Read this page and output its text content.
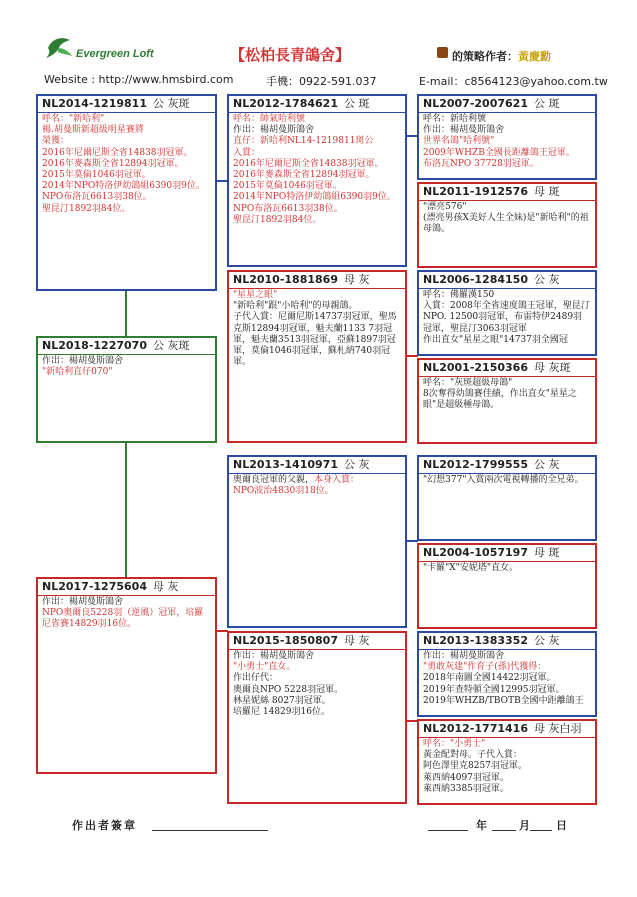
Evergreen Loft	【松柏長青鴿舍】	的策略作者：黃慶勳
Website : http://www.hmsbird.com	手機：0922-591.037	E-mail：c8564123@yahoo.com.tw
NL2014-1219811 公 灰斑
呼名："新哈利"
楊.胡曼斯新超級明星賽將
榮獲：
2016年尼爾尼斯全省14838羽冠軍。
2016年麥森斯全省12894羽冠軍。
2015年莫倫1046羽冠軍。
2014年NPO特洛伊幼鴿組6390羽9位。
NPO布洛瓦6613羽38位。
聖昆汀1892羽84位。
NL2018-1227070 公 灰斑
作出：楊胡曼斯鴿舍
"新哈利直仔070"
NL2017-1275604 母 灰
作出：楊胡曼斯鴿舍
NPO奧爾良5228羽（逆風）冠軍，培羅尼省賽14829羽16位。
NL2012-1784621 公 斑
呼名：帥氣哈利號
作出：楊胡曼斯鴿舍
直仔：新哈利NL14-1219811斑公
入賞：
2016年尼爾尼斯全省14838羽冠軍。
2016年麥森斯全省12894羽冠軍。
2015年莫倫1046羽冠軍。
2014年NPO特洛伊幼鴿組6390羽9位。
NPO布洛瓦6613羽38位。
聖昆汀1892羽84位。
NL2010-1881869 母 灰
"星星之眼"
"新哈利"跟"小哈利"的母親鴿。
子代入賞：尼爾尼斯14737羽冠軍，聖馬克斯12894羽冠軍，魁夫蘭1133 7羽冠軍，魁夫蘭3513羽冠軍，亞蘇1897羽冠軍，莫倫1046羽冠軍，蘇札納740羽冠軍。
NL2013-1410971 公 灰
奧爾良冠軍的父親，本身入賞：
NPO波治4830羽18位。
NL2015-1850807 母 灰
作出：楊胡曼斯鴿舍
"小勇士"直女。
作出仔代：
奧爾良NPO 5228羽冠軍。
林星妮絲 8027羽冠軍。
培羅尼 14829羽16位。
NL2007-2007621 公 斑
呼名：新哈利號
作出：楊胡曼斯鴿舍
世界名鴿"哈利號"
2009年WHZB全國長距離鴿王冠軍。
布洛瓦NPO 37728羽冠軍。
NL2011-1912576 母 斑
"漂亮576"
(漂亮男孩X美好人生全妹)是"新哈利"的祖母鴿。
NL2006-1284150 公 灰
呼名：佛羅漢150
入賞：2008年全省速度鴿王冠軍，聖昆汀NPO. 12500羽冠軍，布雷特伊2489羽冠軍，聖昆汀3063羽冠軍
作出直女"星星之眼"14737羽全國冠
NL2001-2150366 母 灰斑
呼名："灰斑超級母鴿"
8次奪得幼鴿賽佳績，作出直女"星星之眼"是超級種母鴿。
NL2012-1799555 公 灰
"幻想377"入賞兩次電視轉播的全兄弟。
NL2004-1057197 母 斑
"卡羅"X"安妮塔"直女。
NL2013-1383352 公 灰
作出：楊胡曼斯鴿舍
"勇敢灰建"作育子(孫)代獲得：
2018年南圖全國14422羽冠軍。
2019年查特頓全國12995羽冠軍。
2019年WHZB/TBOTB全國中距離鴿王
NL2012-1771416 母 灰白羽
呼名："小勇士"
黃金配對母。子代入賞：
阿色澤里克8257羽冠軍。
萊西納4097羽冠軍。
萊西納3385羽冠軍。
作出者簽章	年	月 日
